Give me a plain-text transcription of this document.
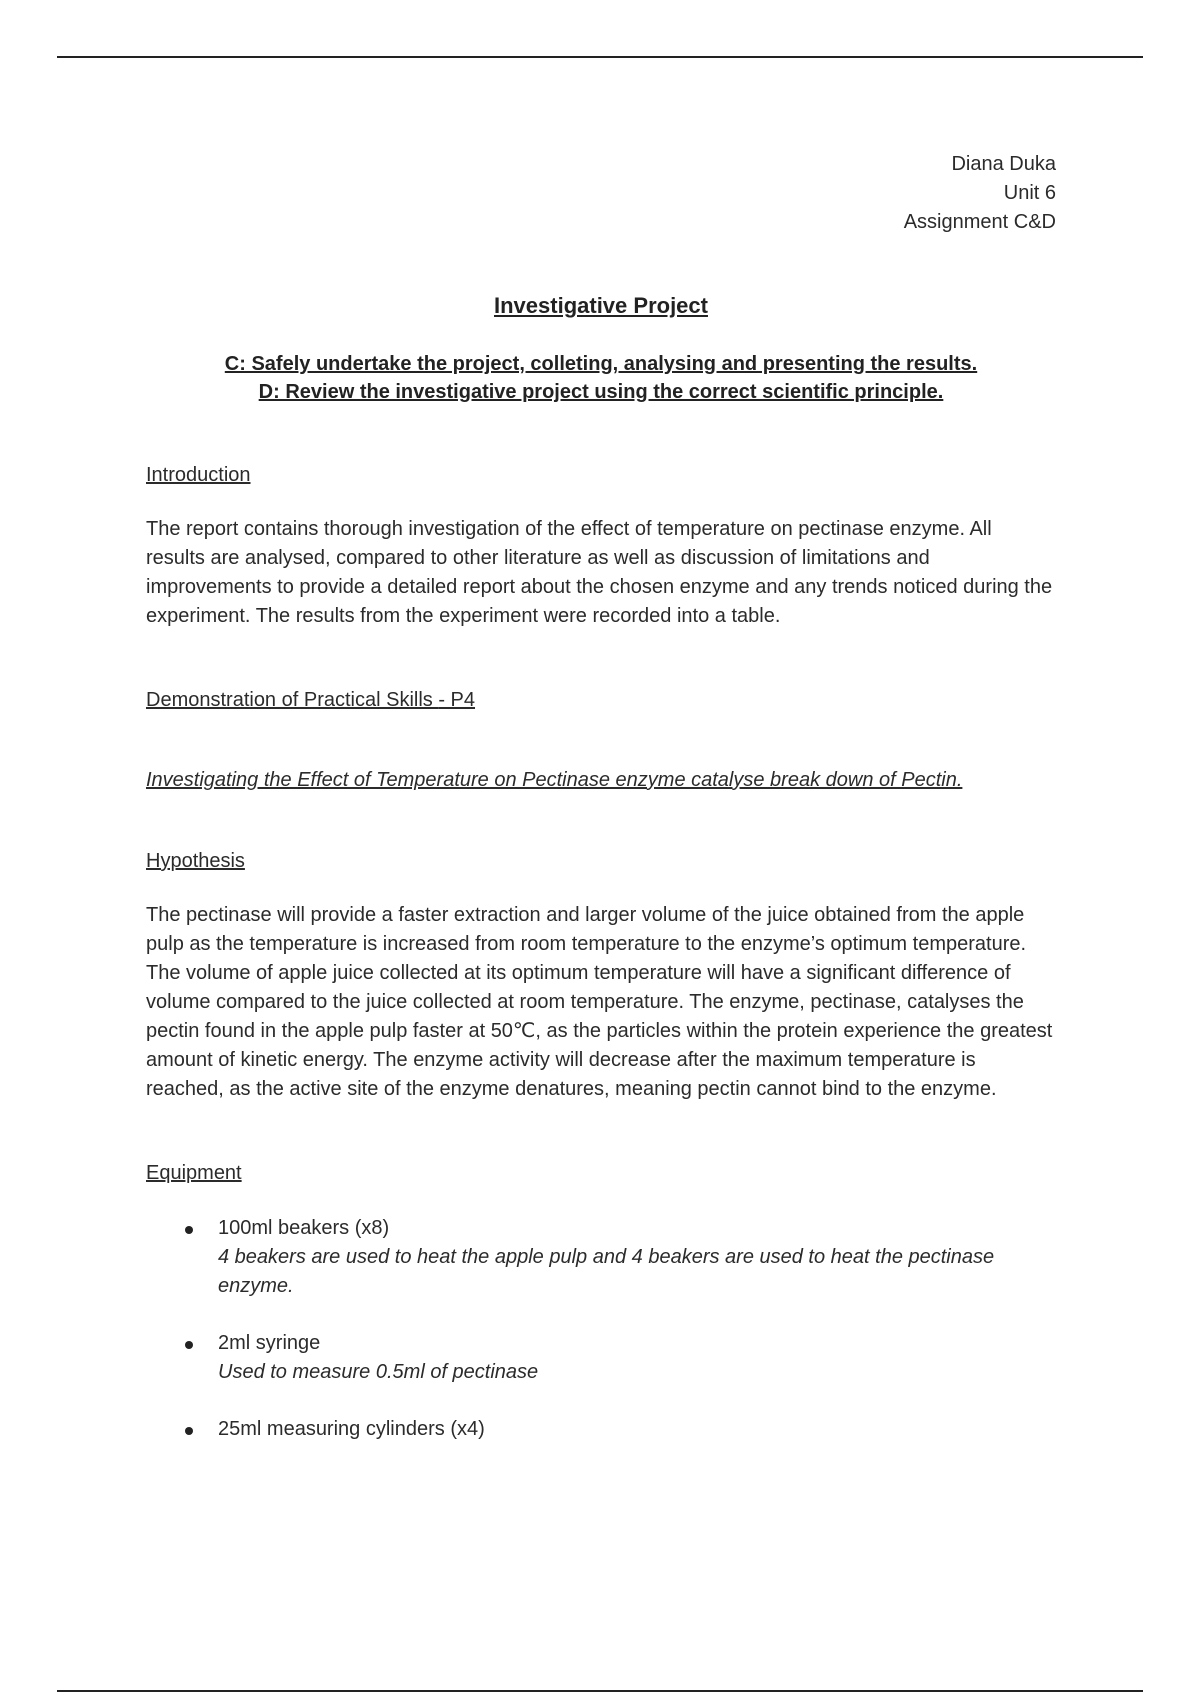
Diana Duka
Unit 6
Assignment C&D
Investigative Project
C: Safely undertake the project, colleting, analysing and presenting the results.
D: Review the investigative project using the correct scientific principle.

Introduction

The report contains thorough investigation of the effect of temperature on pectinase enzyme. All results are analysed, compared to other literature as well as discussion of limitations and improvements to provide a detailed report about the chosen enzyme and any trends noticed during the experiment. The results from the experiment were recorded into a table.

Demonstration of Practical Skills - P4

Investigating the Effect of Temperature on Pectinase enzyme catalyse break down of Pectin.

Hypothesis

The pectinase will provide a faster extraction and larger volume of the juice obtained from the apple pulp as the temperature is increased from room temperature to the enzyme’s optimum temperature. The volume of apple juice collected at its optimum temperature will have a significant difference of volume compared to the juice collected at room temperature. The enzyme, pectinase, catalyses the pectin found in the apple pulp faster at 50℃, as the particles within the protein experience the greatest amount of kinetic energy. The enzyme activity will decrease after the maximum temperature is reached, as the active site of the enzyme denatures, meaning pectin cannot bind to the enzyme.

Equipment

100ml beakers (x8)
4 beakers are used to heat the apple pulp and 4 beakers are used to heat the pectinase enzyme.
2ml syringe
Used to measure 0.5ml of pectinase
25ml measuring cylinders (x4)
